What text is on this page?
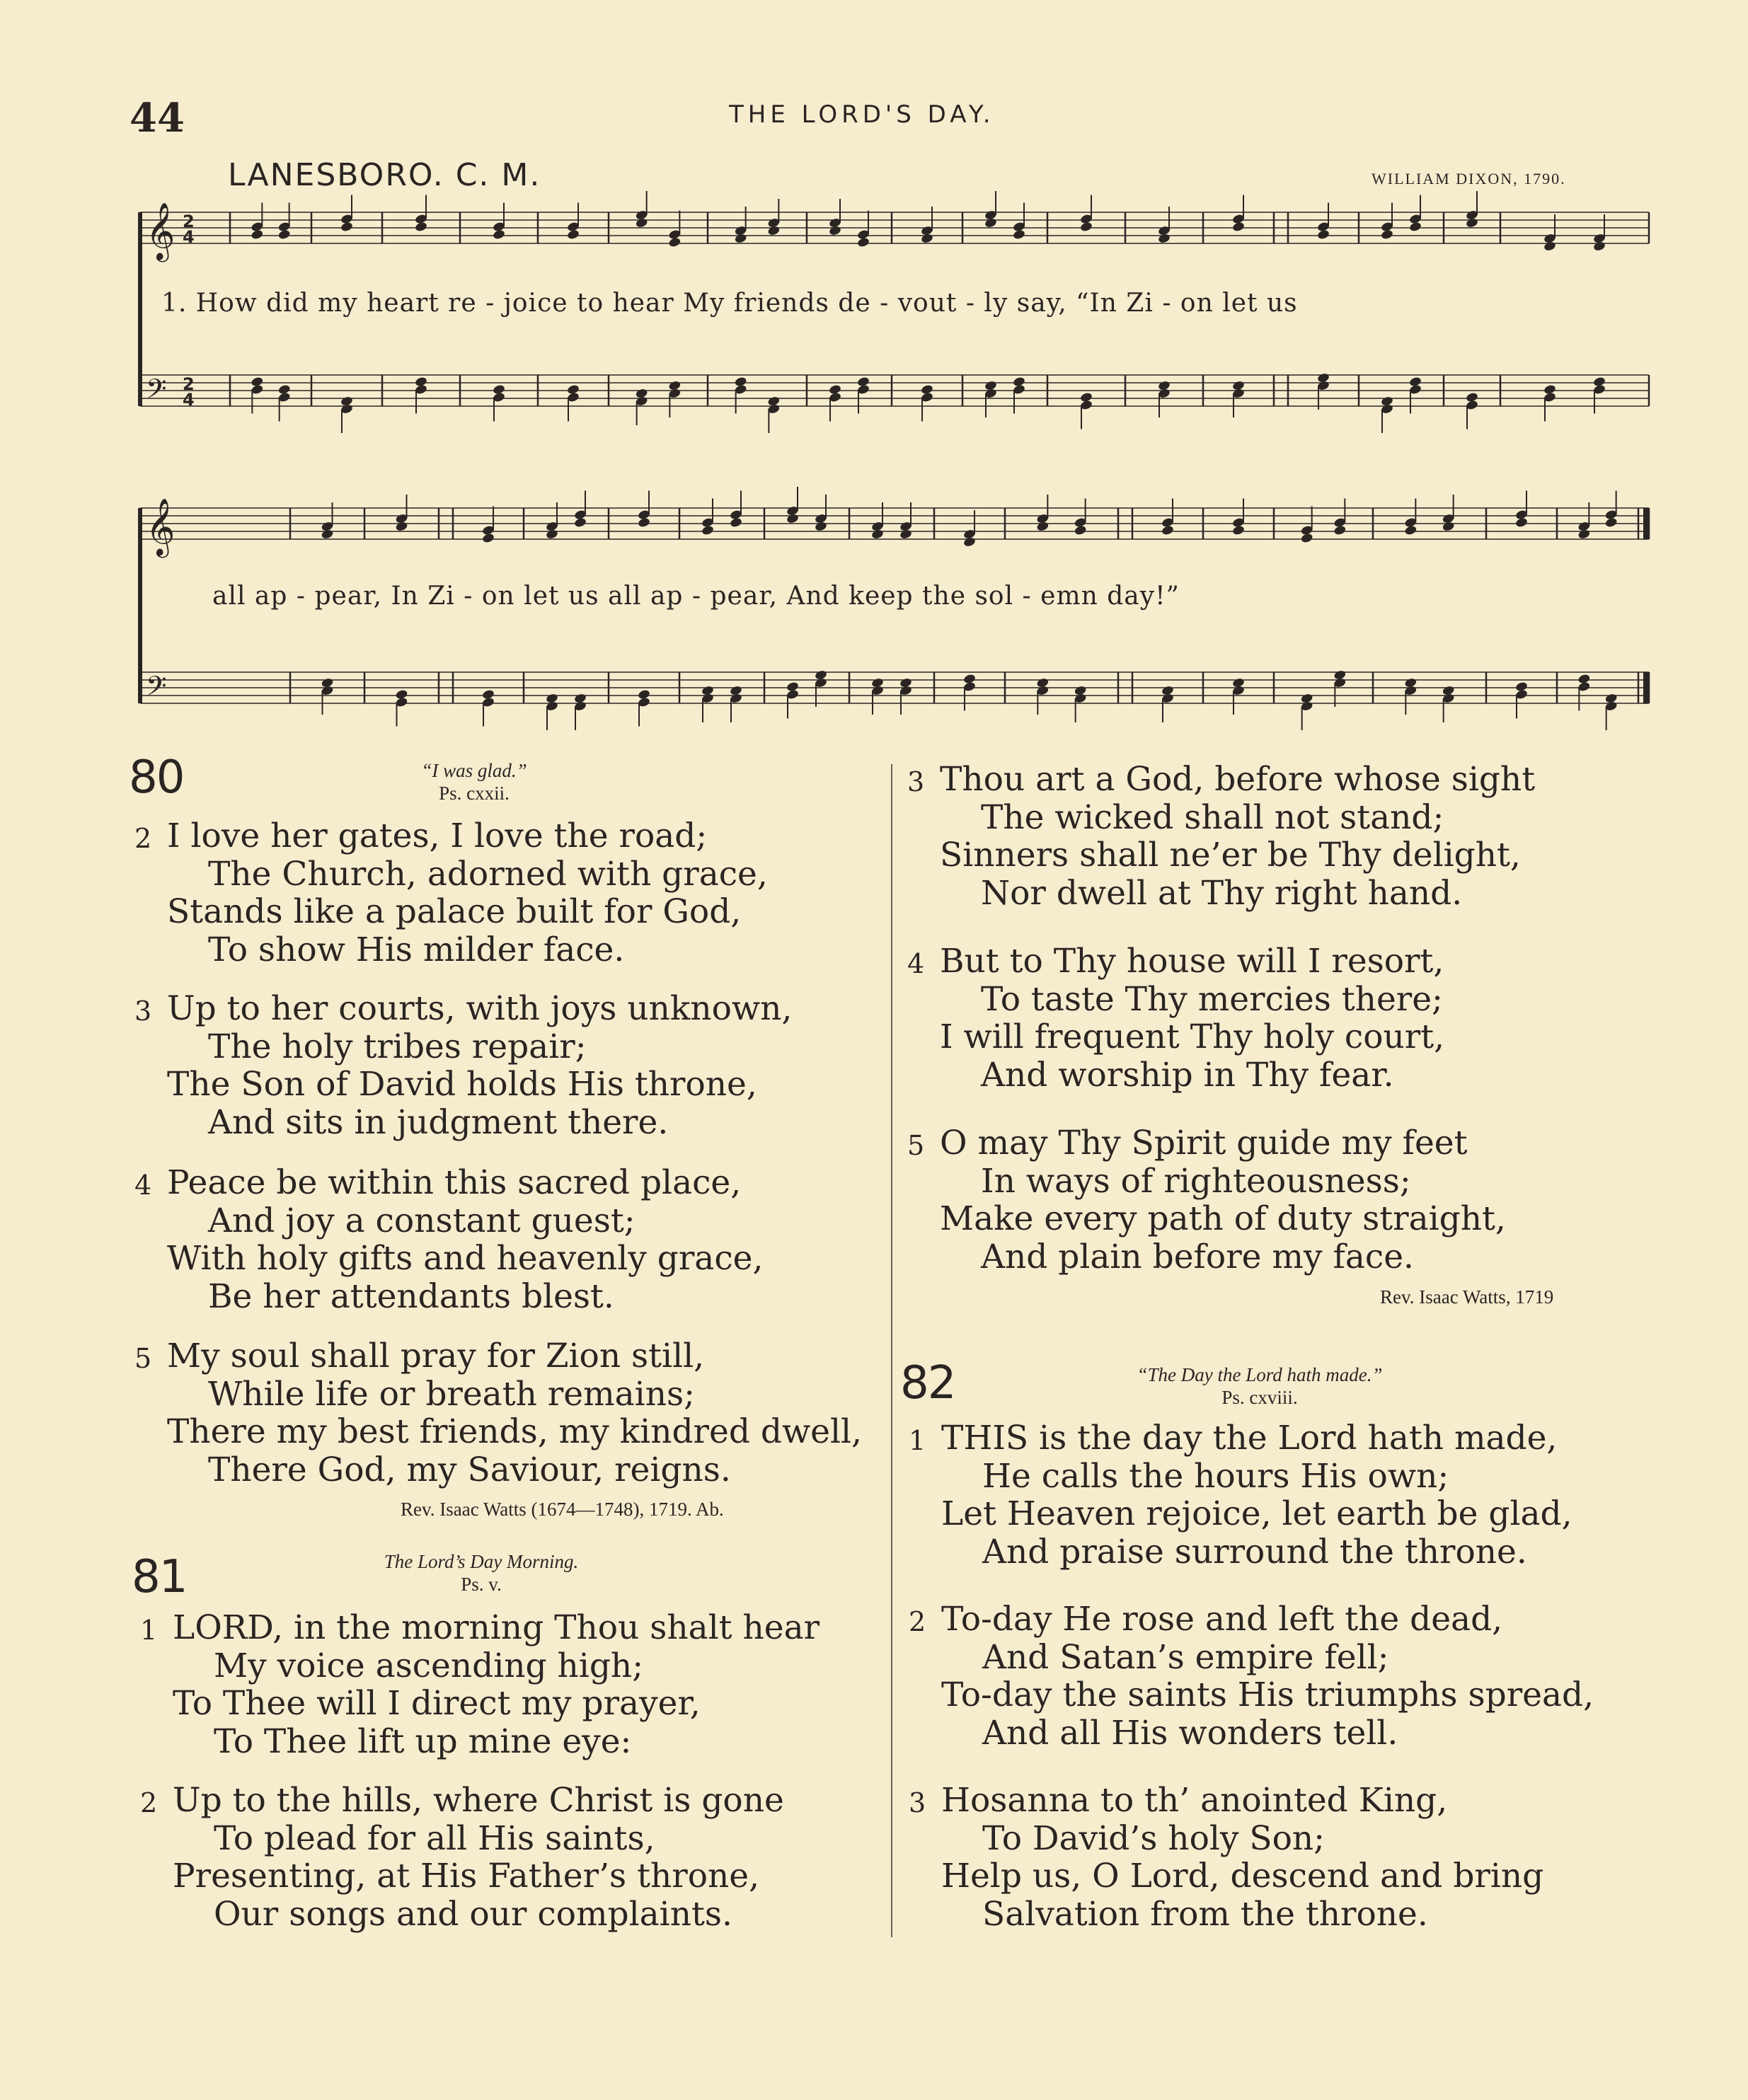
44	THE LORD'S DAY.
LANESBORO. C. M.	WILLIAM DIXON, 1790.
𝄞 2
4
𝄢 2
4
𝄞
𝄢
1. How did my heart re - joice to hear My friends de - vout - ly say, “In Zi - on let us
all ap - pear, In Zi - on let us all ap - pear, And keep the sol - emn day!”
80	“I was glad.”
Ps. cxxii.
2 I love her gates, I love the road;
The Church, adorned with grace,
Stands like a palace built for God,
To show His milder face.
3 Up to her courts, with joys unknown,
The holy tribes repair;
The Son of David holds His throne,
And sits in judgment there.
4 Peace be within this sacred place,
And joy a constant guest;
With holy gifts and heavenly grace,
Be her attendants blest.
5 My soul shall pray for Zion still,
While life or breath remains;
There my best friends, my kindred dwell,
There God, my Saviour, reigns.
Rev. Isaac Watts (1674—1748), 1719. Ab.
81	The Lord’s Day Morning.
Ps. v.
1 LORD, in the morning Thou shalt hear
My voice ascending high;
To Thee will I direct my prayer,
To Thee lift up mine eye:
2 Up to the hills, where Christ is gone
To plead for all His saints,
Presenting, at His Father’s throne,
Our songs and our complaints.
3 Thou art a God, before whose sight
The wicked shall not stand;
Sinners shall ne’er be Thy delight,
Nor dwell at Thy right hand.
4 But to Thy house will I resort,
To taste Thy mercies there;
I will frequent Thy holy court,
And worship in Thy fear.
5 O may Thy Spirit guide my feet
In ways of righteousness;
Make every path of duty straight,
And plain before my face.
Rev. Isaac Watts, 1719
82	“The Day the Lord hath made.”
Ps. cxviii.
1 THIS is the day the Lord hath made,
He calls the hours His own;
Let Heaven rejoice, let earth be glad,
And praise surround the throne.
2 To-day He rose and left the dead,
And Satan’s empire fell;
To-day the saints His triumphs spread,
And all His wonders tell.
3 Hosanna to th’ anointed King,
To David’s holy Son;
Help us, O Lord, descend and bring
Salvation from the throne.
